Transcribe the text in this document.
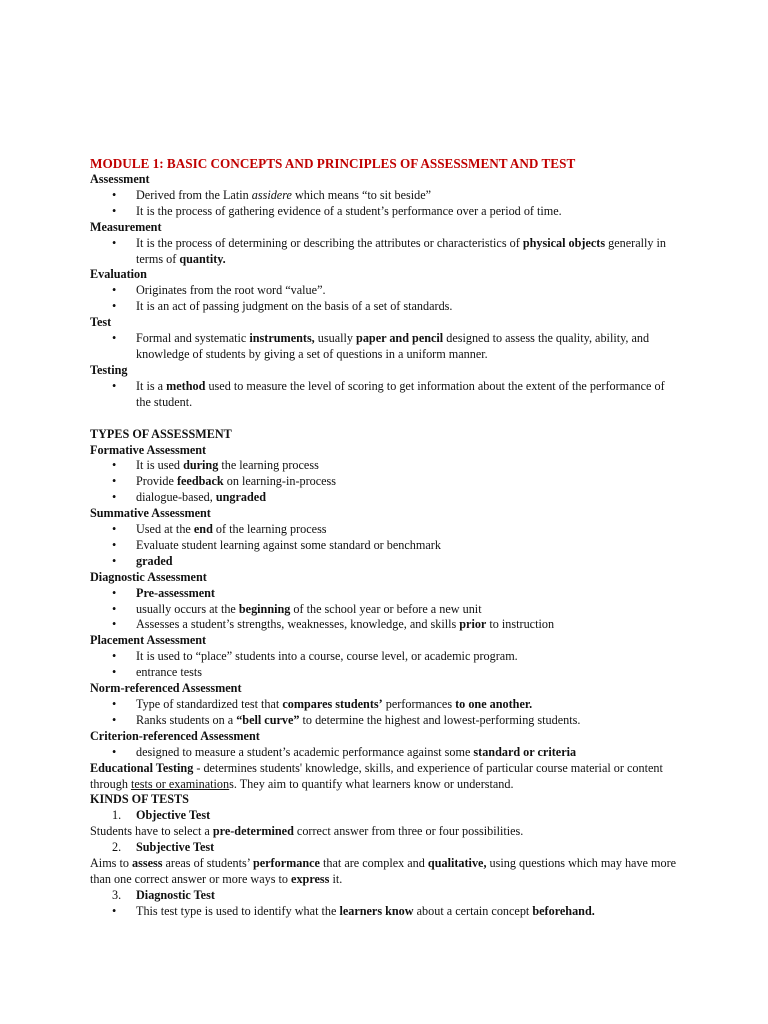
MODULE 1: BASIC CONCEPTS AND PRINCIPLES OF ASSESSMENT AND TEST
Assessment
• Derived from the Latin assidere which means “to sit beside”
• It is the process of gathering evidence of a student’s performance over a period of time.
Measurement
• It is the process of determining or describing the attributes or characteristics of physical objects generally in terms of quantity.
Evaluation
• Originates from the root word “value”.
• It is an act of passing judgment on the basis of a set of standards.
Test
• Formal and systematic instruments, usually paper and pencil designed to assess the quality, ability, and knowledge of students by giving a set of questions in a uniform manner.
Testing
• It is a method used to measure the level of scoring to get information about the extent of the performance of the student.
TYPES OF ASSESSMENT
Formative Assessment
• It is used during the learning process
• Provide feedback on learning-in-process
• dialogue-based, ungraded
Summative Assessment
• Used at the end of the learning process
• Evaluate student learning against some standard or benchmark
• graded
Diagnostic Assessment
• Pre-assessment
• usually occurs at the beginning of the school year or before a new unit
• Assesses a student’s strengths, weaknesses, knowledge, and skills prior to instruction
Placement Assessment
• It is used to “place” students into a course, course level, or academic program.
• entrance tests
Norm-referenced Assessment
• Type of standardized test that compares students’ performances to one another.
• Ranks students on a “bell curve” to determine the highest and lowest-performing students.
Criterion-referenced Assessment
• designed to measure a student’s academic performance against some standard or criteria
Educational Testing - determines students' knowledge, skills, and experience of particular course material or content through tests or examinations. They aim to quantify what learners know or understand.
KINDS OF TESTS
1. Objective Test
Students have to select a pre-determined correct answer from three or four possibilities.
2. Subjective Test
Aims to assess areas of students’ performance that are complex and qualitative, using questions which may have more than one correct answer or more ways to express it.
3. Diagnostic Test
• This test type is used to identify what the learners know about a certain concept beforehand.
